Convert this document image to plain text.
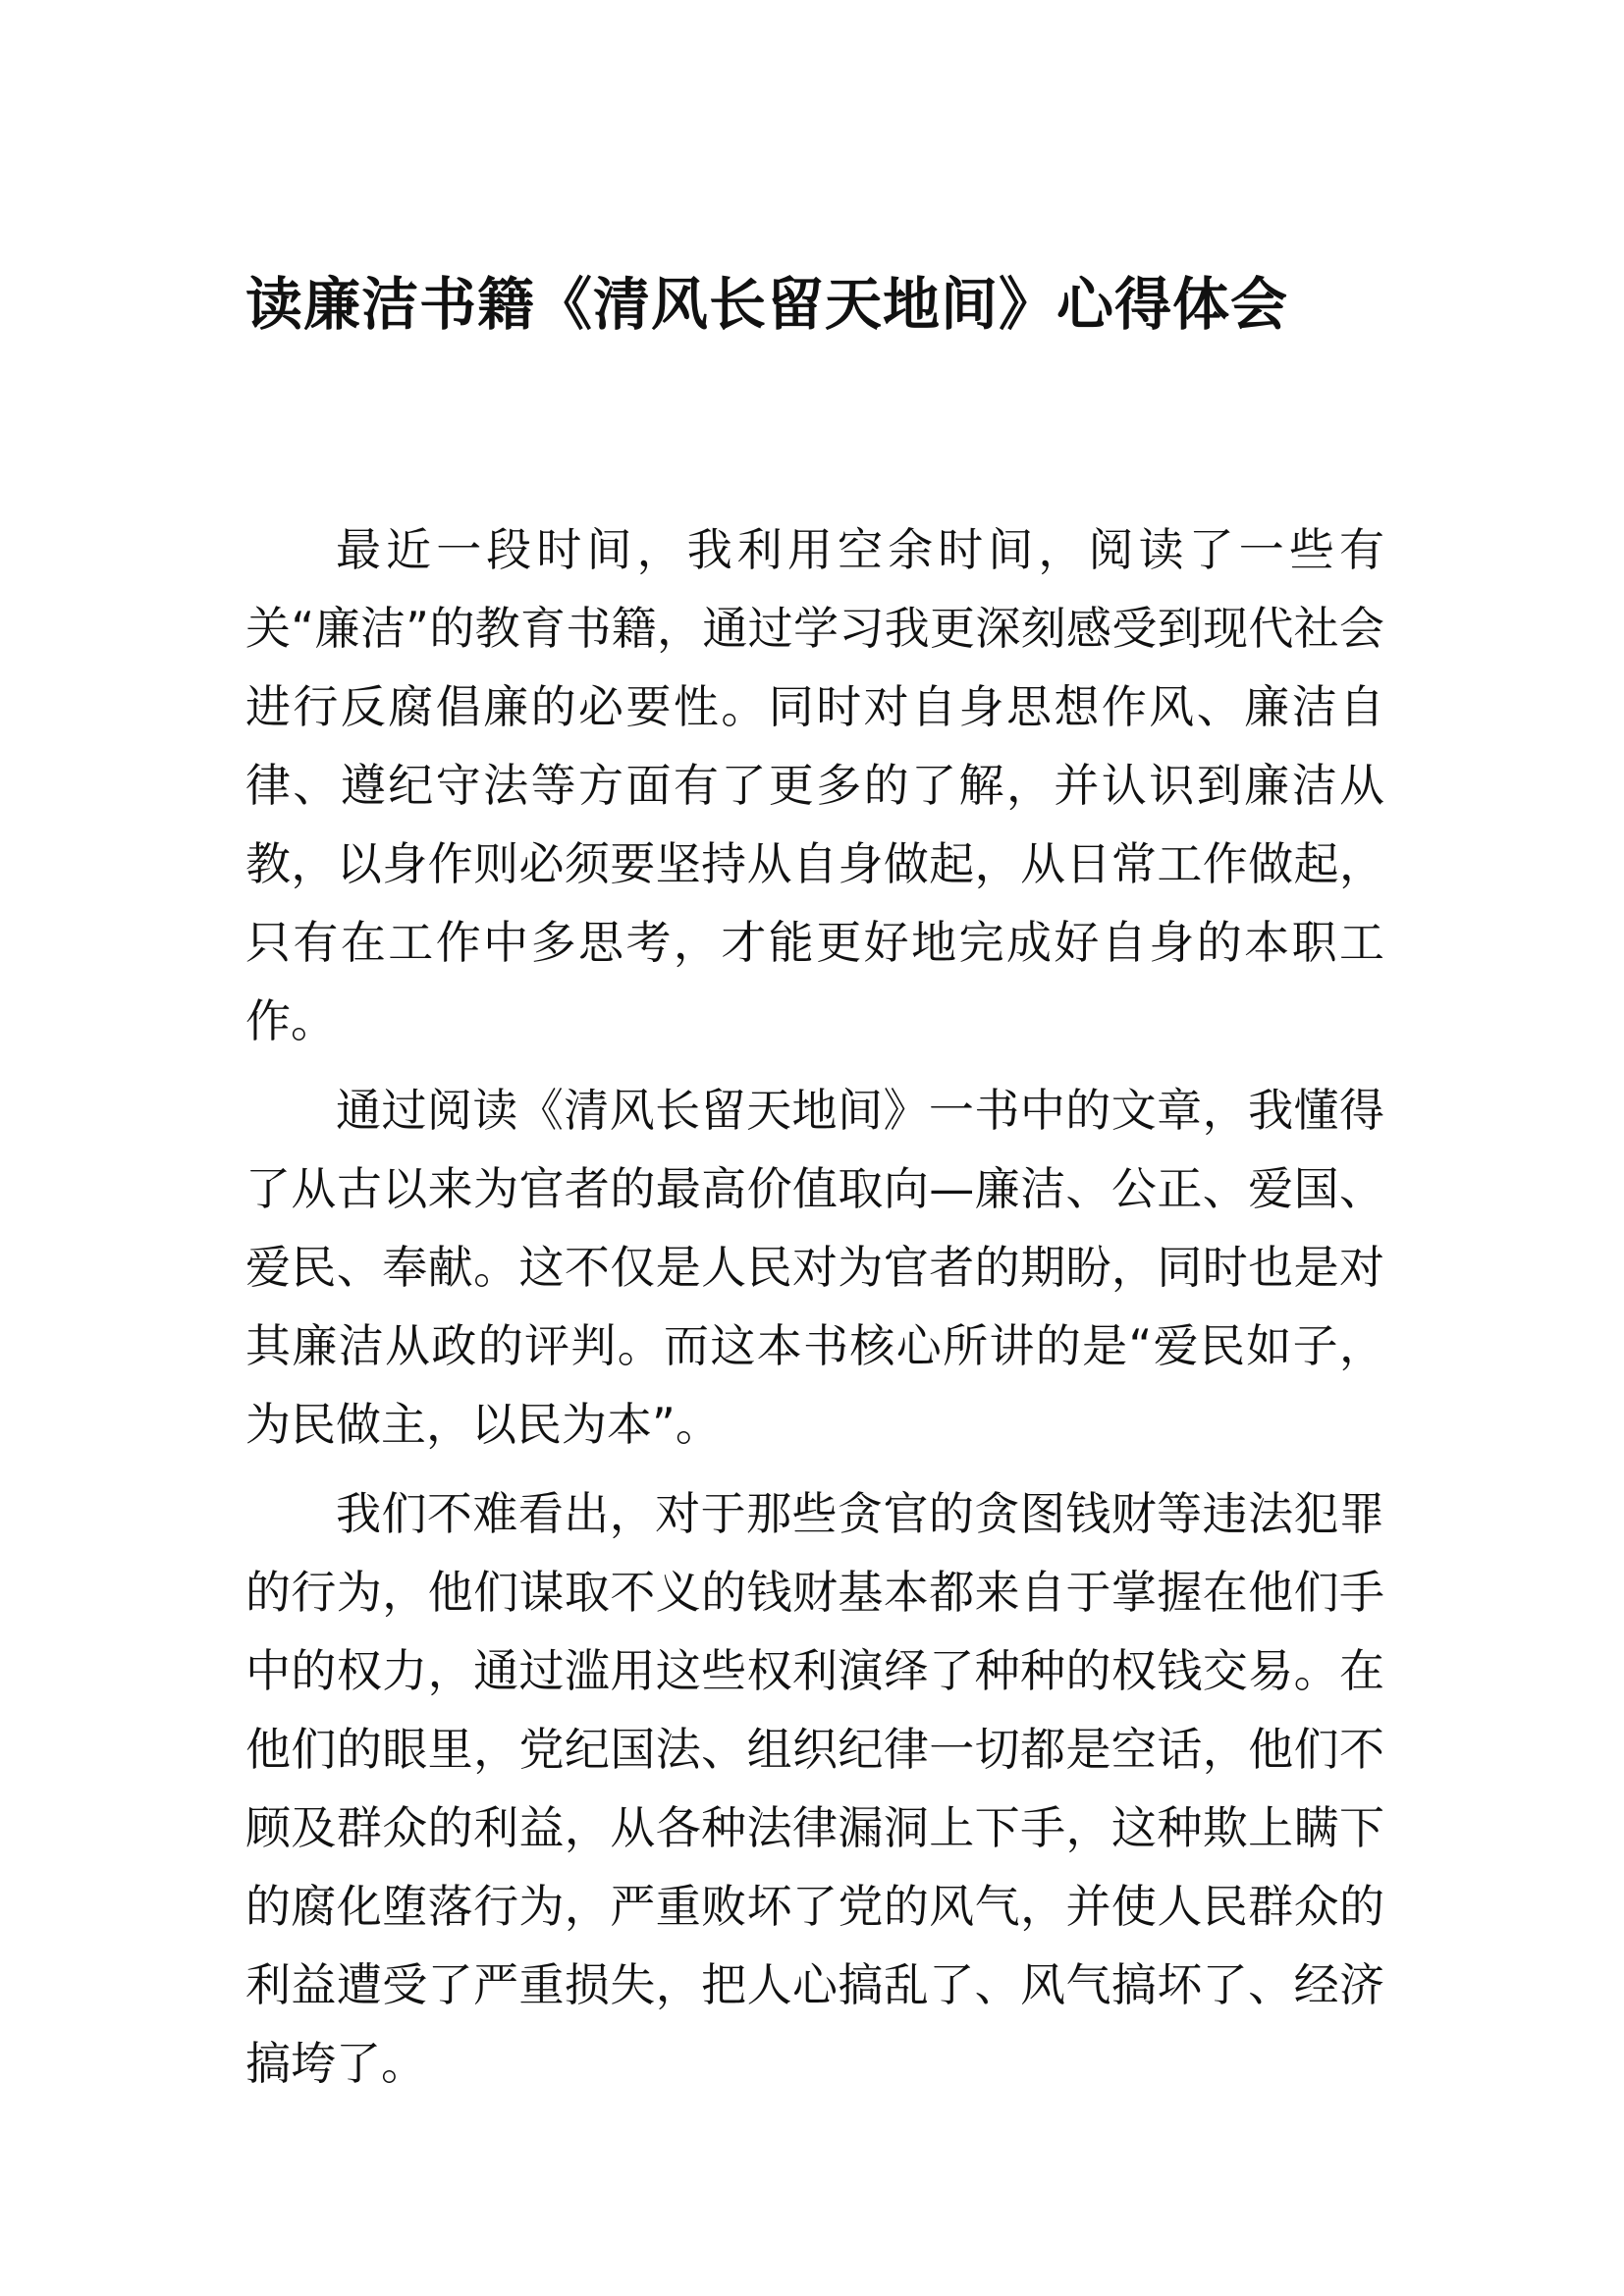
读廉洁书籍《清风长留天地间》心得体会

最近一段时间，我利用空余时间，阅读了一些有关“廉洁”的教育书籍，通过学习我更深刻感受到现代社会进行反腐倡廉的必要性。同时对自身思想作风、廉洁自律、遵纪守法等方面有了更多的了解，并认识到廉洁从教，以身作则必须要坚持从自身做起，从日常工作做起，只有在工作中多思考，才能更好地完成好自身的本职工作。

通过阅读《清风长留天地间》一书中的文章，我懂得了从古以来为官者的最高价值取向—廉洁、公正、爱国、爱民、奉献。这不仅是人民对为官者的期盼，同时也是对其廉洁从政的评判。而这本书核心所讲的是“爱民如子，为民做主，以民为本”。

我们不难看出，对于那些贪官的贪图钱财等违法犯罪的行为，他们谋取不义的钱财基本都来自于掌握在他们手中的权力，通过滥用这些权利演绎了种种的权钱交易。在他们的眼里，党纪国法、组织纪律一切都是空话，他们不顾及群众的利益，从各种法律漏洞上下手，这种欺上瞒下的腐化堕落行为，严重败坏了党的风气，并使人民群众的利益遭受了严重损失，把人心搞乱了、风气搞坏了、经济搞垮了。
